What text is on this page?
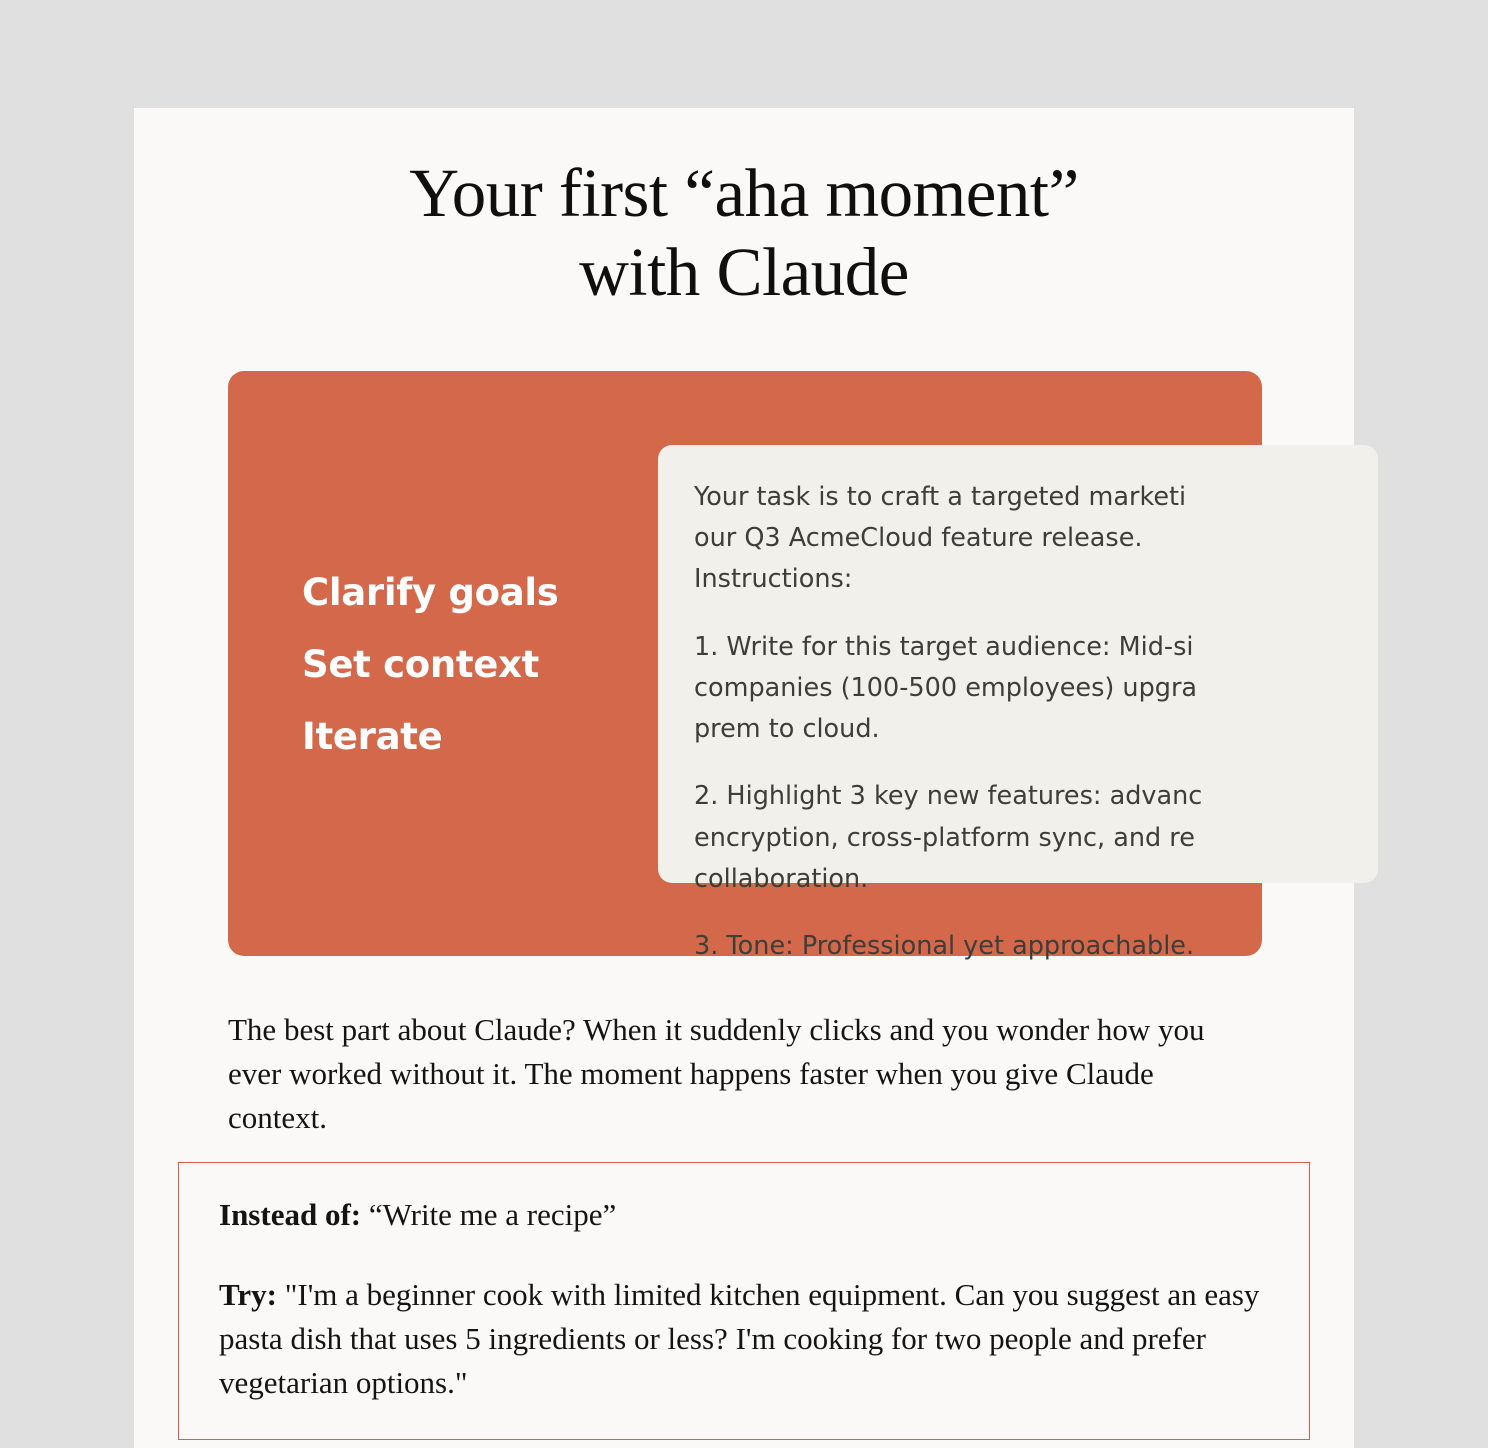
Your first “aha moment”
with Claude
Clarify goals
Set context
Iterate

Your task is to craft a targeted marketi
our Q3 AcmeCloud feature release.
Instructions:

1. Write for this target audience: Mid-si
companies (100-500 employees) upgra
prem to cloud.

2. Highlight 3 key new features: advanc
encryption, cross-platform sync, and re
collaboration.

3. Tone: Professional yet approachable.

The best part about Claude? When it suddenly clicks and you wonder how you ever worked without it. The moment happens faster when you give Claude context.

Instead of: “Write me a recipe”

Try: "I'm a beginner cook with limited kitchen equipment. Can you suggest an easy pasta dish that uses 5 ingredients or less? I'm cooking for two people and prefer vegetarian options."
